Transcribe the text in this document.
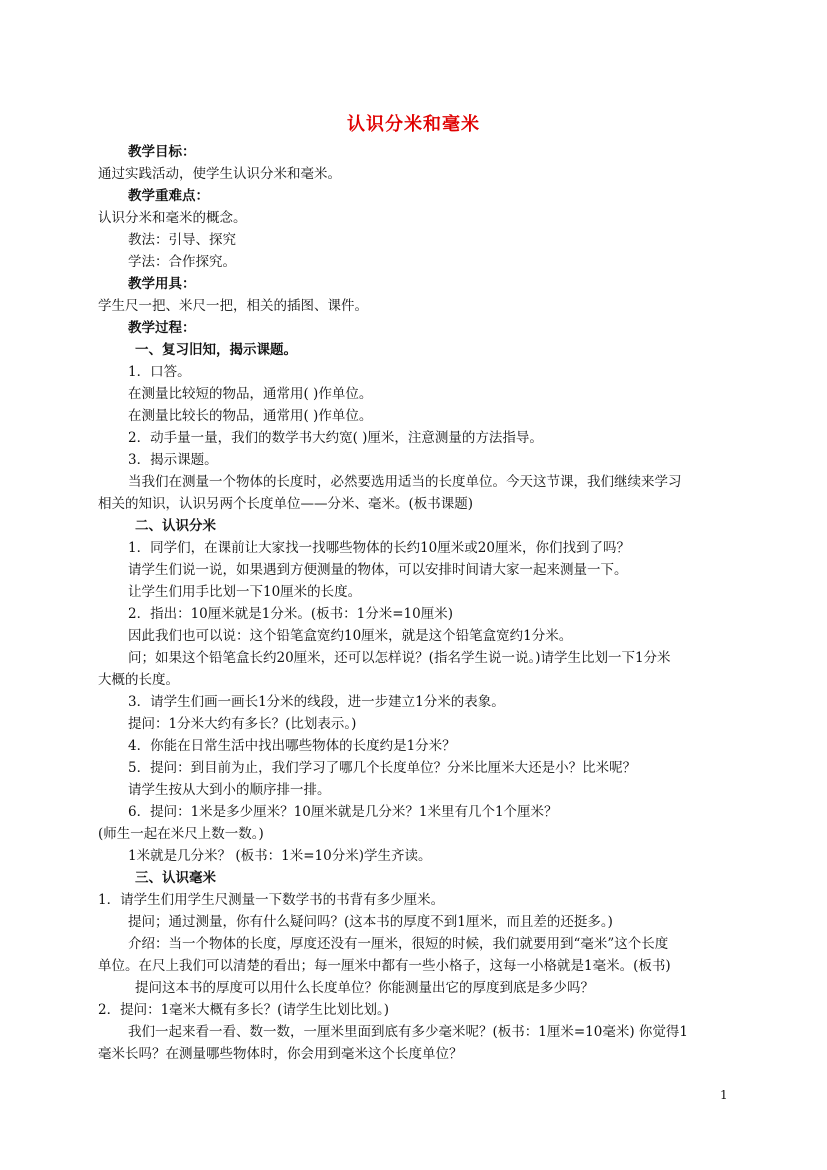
认识分米和毫米
教学目标：
通过实践活动，使学生认识分米和毫米。
教学重难点：
认识分米和毫米的概念。
教法：引导、探究
学法：合作探究。
教学用具：
学生尺一把、米尺一把，相关的插图、课件。
教学过程：
一、复习旧知，揭示课题。
1．口答。
在测量比较短的物品，通常用( )作单位。
在测量比较长的物品，通常用( )作单位。
2．动手量一量，我们的数学书大约宽( )厘米，注意测量的方法指导。
3．揭示课题。
当我们在测量一个物体的长度时，必然要选用适当的长度单位。今天这节课，我们继续来学习
相关的知识，认识另两个长度单位——分米、毫米。(板书课题)
二、认识分米
1．同学们，在课前让大家找一找哪些物体的长约10厘米或20厘米，你们找到了吗？
请学生们说一说，如果遇到方便测量的物体，可以安排时间请大家一起来测量一下。
让学生们用手比划一下10厘米的长度。
2．指出：10厘米就是1分米。(板书：1分米=10厘米)
因此我们也可以说：这个铅笔盒宽约10厘米，就是这个铅笔盒宽约1分米。
问；如果这个铅笔盒长约20厘米，还可以怎样说？(指名学生说一说。)请学生比划一下1分米
大概的长度。
3．请学生们画一画长1分米的线段，进一步建立1分米的表象。
提问：1分米大约有多长？(比划表示。)
4．你能在日常生活中找出哪些物体的长度约是1分米？
5．提问：到目前为止，我们学习了哪几个长度单位？分米比厘米大还是小？比米呢？
请学生按从大到小的顺序排一排。
6．提问：1米是多少厘米？10厘米就是几分米？1米里有几个1个厘米？
(师生一起在米尺上数一数。)
1米就是几分米？ (板书：1米=10分米)学生齐读。
三、认识毫米
1．请学生们用学生尺测量一下数学书的书背有多少厘米。
提问；通过测量，你有什么疑问吗？(这本书的厚度不到1厘米，而且差的还挺多。)
介绍：当一个物体的长度，厚度还没有一厘米，很短的时候，我们就要用到“毫米”这个长度
单位。在尺上我们可以清楚的看出；每一厘米中都有一些小格子，这每一小格就是1毫米。(板书)
提问这本书的厚度可以用什么长度单位？你能测量出它的厚度到底是多少吗？
2．提问：1毫米大概有多长？(请学生比划比划。)
我们一起来看一看、数一数，一厘米里面到底有多少毫米呢？(板书：1厘米=10毫米) 你觉得1
毫米长吗？在测量哪些物体时，你会用到毫米这个长度单位？
1
